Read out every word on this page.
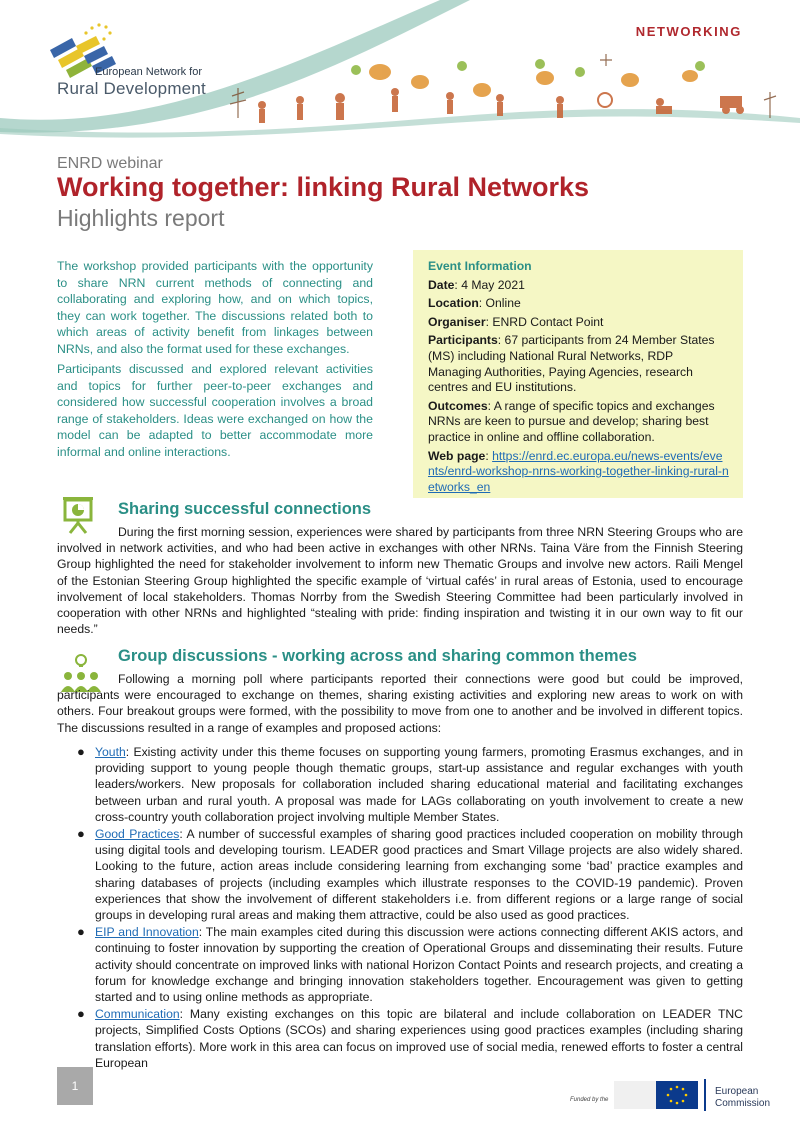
European Network for
Rural Development
NETWORKING
ENRD webinar
Working together: linking Rural Networks
Highlights report

The workshop provided participants with the opportunity to share NRN current methods of connecting and collaborating and exploring how, and on which topics, they can work together. The discussions related both to which areas of activity benefit from linkages between NRNs, and also the format used for these exchanges.

Participants discussed and explored relevant activities and topics for further peer-to-peer exchanges and considered how successful cooperation involves a broad range of stakeholders. Ideas were exchanged on how the model can be adapted to better accommodate more informal and online interactions.

Event Information
Date: 4 May 2021
Location: Online
Organiser: ENRD Contact Point
Participants: 67 participants from 24 Member States (MS) including National Rural Networks, RDP Managing Authorities, Paying Agencies, research centres and EU institutions.
Outcomes: A range of specific topics and exchanges NRNs are keen to pursue and develop; sharing best practice in online and offline collaboration.
Web page: https://enrd.ec.europa.eu/news-events/events/enrd-workshop-nrns-working-together-linking-rural-networks_en
Sharing successful connections
During the first morning session, experiences were shared by participants from three NRN Steering Groups who are involved in network activities, and who had been active in exchanges with other NRNs. Taina Väre from the Finnish Steering Group highlighted the need for stakeholder involvement to inform new Thematic Groups and involve new actors. Raili Mengel of the Estonian Steering Group highlighted the specific example of ‘virtual cafés’ in rural areas of Estonia, used to encourage involvement of local stakeholders. Thomas Norrby from the Swedish Steering Committee had been particularly involved in cooperation with other NRNs and highlighted “stealing with pride: finding inspiration and twisting it in our own way to fit our needs.”
Group discussions - working across and sharing common themes
Following a morning poll where participants reported their connections were good but could be improved, participants were encouraged to exchange on themes, sharing existing activities and exploring new areas to work on with others. Four breakout groups were formed, with the possibility to move from one to another and be involved in different topics. The discussions resulted in a range of examples and proposed actions:
● Youth: Existing activity under this theme focuses on supporting young farmers, promoting Erasmus exchanges, and in providing support to young people though thematic groups, start-up assistance and regular exchanges with youth leaders/workers. New proposals for collaboration included sharing educational material and facilitating exchanges between urban and rural youth. A proposal was made for LAGs collaborating on youth involvement to create a new cross-country youth collaboration project involving multiple Member States.
● Good Practices: A number of successful examples of sharing good practices included cooperation on mobility through using digital tools and developing tourism. LEADER good practices and Smart Village projects are also widely shared. Looking to the future, action areas include considering learning from exchanging some ‘bad’ practice examples and sharing databases of projects (including examples which illustrate responses to the COVID-19 pandemic). Proven experiences that show the involvement of different stakeholders i.e. from different regions or a large range of social groups in developing rural areas and making them attractive, could be also used as good practices.
● EIP and Innovation: The main examples cited during this discussion were actions connecting different AKIS actors, and continuing to foster innovation by supporting the creation of Operational Groups and disseminating their results. Future activity should concentrate on improved links with national Horizon Contact Points and research projects, and creating a forum for knowledge exchange and bringing innovation stakeholders together. Encouragement was given to getting started and to using online methods as appropriate.
● Communication: Many existing exchanges on this topic are bilateral and include collaboration on LEADER TNC projects, Simplified Costs Options (SCOs) and sharing experiences using good practices examples (including sharing translation efforts). More work in this area can focus on improved use of social media, renewed efforts to foster a central European
1
Funded by the
European
Commission
